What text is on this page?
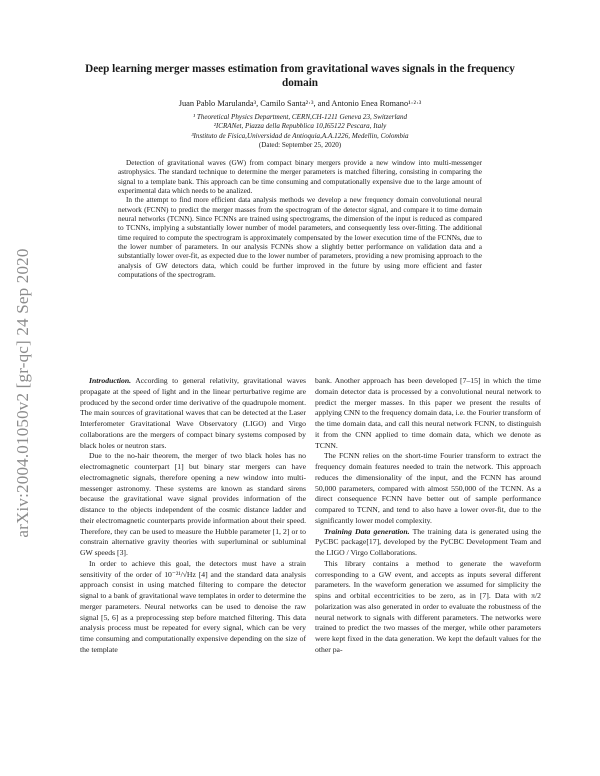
arXiv:2004.01050v2 [gr-qc] 24 Sep 2020
Deep learning merger masses estimation from gravitational waves signals in the frequency domain
Juan Pablo Marulanda³, Camilo Santa²·³, and Antonio Enea Romano¹·²·³
¹ Theoretical Physics Department, CERN,CH-1211 Geneva 23, Switzerland
²ICRANet, Piazza della Repubblica 10,I65122 Pescara, Italy
³Instituto de Fisica,Universidad de Antioquia,A.A.1226, Medellin, Colombia
(Dated: September 25, 2020)

Detection of gravitational waves (GW) from compact binary mergers provide a new window into multi-messenger astrophysics. The standard technique to determine the merger parameters is matched filtering, consisting in comparing the signal to a template bank. This approach can be time consuming and computationally expensive due to the large amount of experimental data which needs to be analized.

In the attempt to find more efficient data analysis methods we develop a new frequency domain convolutional neural network (FCNN) to predict the merger masses from the spectrogram of the detector signal, and compare it to time domain neural networks (TCNN). Since FCNNs are trained using spectrograms, the dimension of the input is reduced as compared to TCNNs, implying a substantially lower number of model parameters, and consequently less over-fitting. The additional time required to compute the spectrogram is approximately compensated by the lower execution time of the FCNNs, due to the lower number of parameters. In our analysis FCNNs show a slightly better performance on validation data and a substantially lower over-fit, as expected due to the lower number of parameters, providing a new promising approach to the analysis of GW detectors data, which could be further improved in the future by using more efficient and faster computations of the spectrogram.

Introduction. According to general relativity, gravitational waves propagate at the speed of light and in the linear perturbative regime are produced by the second order time derivative of the quadrupole moment. The main sources of gravitational waves that can be detected at the Laser Interferometer Gravitational Wave Observatory (LIGO) and Virgo collaborations are the mergers of compact binary systems composed by black holes or neutron stars.

Due to the no-hair theorem, the merger of two black holes has no electromagnetic counterpart [1] but binary star mergers can have electromagnetic signals, therefore opening a new window into multi-messenger astronomy. These systems are known as standard sirens because the gravitational wave signal provides information of the distance to the objects independent of the cosmic distance ladder and their electromagnetic counterparts provide information about their speed. Therefore, they can be used to measure the Hubble parameter [1, 2] or to constrain alternative gravity theories with superluminal or subluminal GW speeds [3].

In order to achieve this goal, the detectors must have a strain sensitivity of the order of 10⁻²¹/√Hz [4] and the standard data analysis approach consist in using matched filtering to compare the detector signal to a bank of gravitational wave templates in order to determine the merger parameters. Neural networks can be used to denoise the raw signal [5, 6] as a preprocessing step before matched filtering. This data analysis process must be repeated for every signal, which can be very time consuming and computationally expensive depending on the size of the template

bank. Another approach has been developed [7–15] in which the time domain detector data is processed by a convolutional neural network to predict the merger masses. In this paper we present the results of applying CNN to the frequency domain data, i.e. the Fourier transform of the time domain data, and call this neural network FCNN, to distinguish it from the CNN applied to time domain data, which we denote as TCNN.

The FCNN relies on the short-time Fourier transform to extract the frequency domain features needed to train the network. This approach reduces the dimensionality of the input, and the FCNN has around 50,000 parameters, compared with almost 550,000 of the TCNN. As a direct consequence FCNN have better out of sample performance compared to TCNN, and tend to also have a lower over-fit, due to the significantly lower model complexity.

Training Data generation. The training data is generated using the PyCBC package[17], developed by the PyCBC Development Team and the LIGO / Virgo Collaborations.

This library contains a method to generate the waveform corresponding to a GW event, and accepts as inputs several different parameters. In the waveform generation we assumed for simplicity the spins and orbital eccentricities to be zero, as in [7]. Data with π/2 polarization was also generated in order to evaluate the robustness of the neural network to signals with different parameters. The networks were trained to predict the two masses of the merger, while other parameters were kept fixed in the data generation. We kept the default values for the other pa-
